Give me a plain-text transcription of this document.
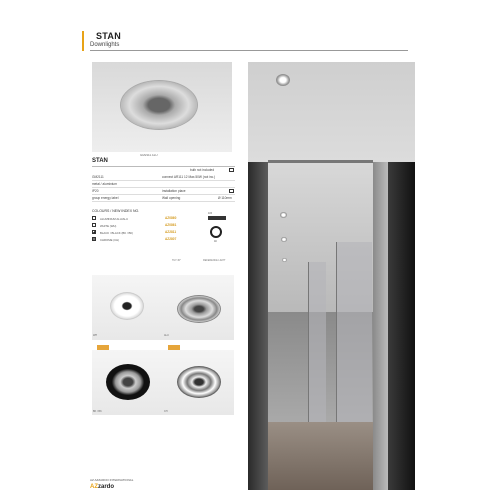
STAN
Downlights
GM2111 ALU
STAN
bulb not included
GM2111	connect AR111 12 Max.50W (not inc.)
metal / aluminium
IP20	installation place
group energy label	Wall opening	Ø 110mm
COLOURS / NEW INDEX NO.
ALUMINIUM ALU/ALU	AZ0860
WHITE (WH)	AZ0861
BLACK / BLACK (BK / BK)	AZ2811
CHROME (CH)	AZ2807
115
40
TILT 30°	REFERENCE LIGHT
WH	ALU
BK / BK	CH
AZ AZZARDO INTERNATIONAL
AZzardo
